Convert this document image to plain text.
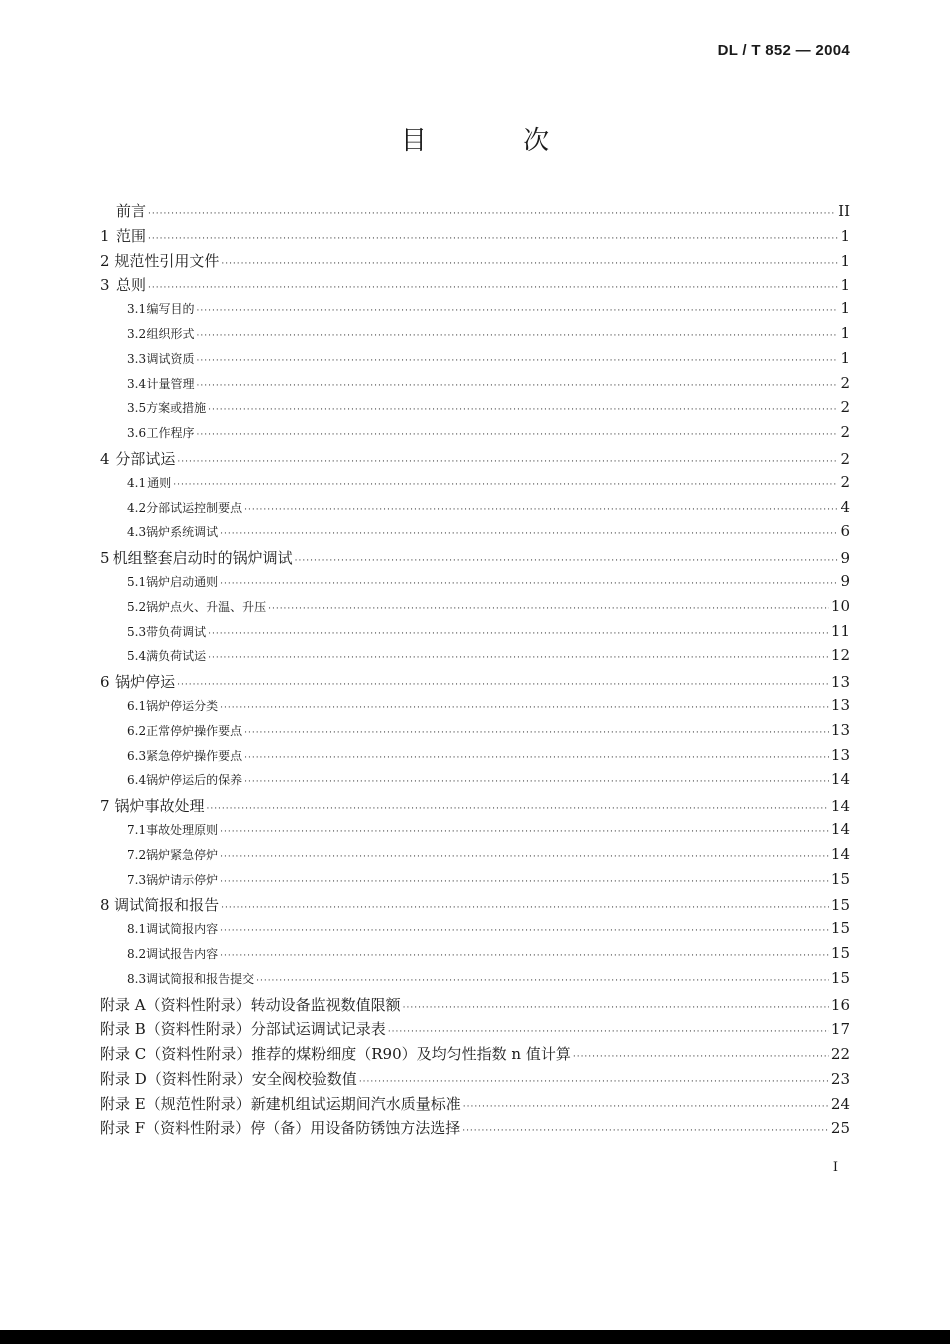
DL / T 852 — 2004
目 次
前言 ·····	II
1 范围 ·····	1
2 规范性引用文件 ·····	1
3 总则 ·····	1
3.1 编写目的 ·····	1
3.2 组织形式 ·····	1
3.3 调试资质 ·····	1
3.4 计量管理 ·····	2
3.5 方案或措施 ·····	2
3.6 工作程序 ·····	2
4 分部试运 ·····	2
4.1 通则 ·····	2
4.2 分部试运控制要点 ·····	4
4.3 锅炉系统调试 ·····	6
5 机组整套启动时的锅炉调试 ·····	9
5.1 锅炉启动通则 ·····	9
5.2 锅炉点火、升温、升压 ·····	10
5.3 带负荷调试 ·····	11
5.4 满负荷试运 ·····	12
6 锅炉停运 ·····	13
6.1 锅炉停运分类 ·····	13
6.2 正常停炉操作要点 ·····	13
6.3 紧急停炉操作要点 ·····	13
6.4 锅炉停运后的保养 ·····	14
7 锅炉事故处理 ·····	14
7.1 事故处理原则 ·····	14
7.2 锅炉紧急停炉 ·····	14
7.3 锅炉请示停炉 ·····	15
8 调试简报和报告 ·····	15
8.1 调试简报内容 ·····	15
8.2 调试报告内容 ·····	15
8.3 调试简报和报告提交 ·····	15
附录 A（资料性附录） 转动设备监视数值限额 ·····	16
附录 B（资料性附录） 分部试运调试记录表 ·····	17
附录 C（资料性附录） 推荐的煤粉细度（R90）及均匀性指数 n 值计算 ·····	22
附录 D（资料性附录） 安全阀校验数值 ·····	23
附录 E（规范性附录） 新建机组试运期间汽水质量标准 ·····	24
附录 F（资料性附录） 停（备）用设备防锈蚀方法选择 ·····	25
I
